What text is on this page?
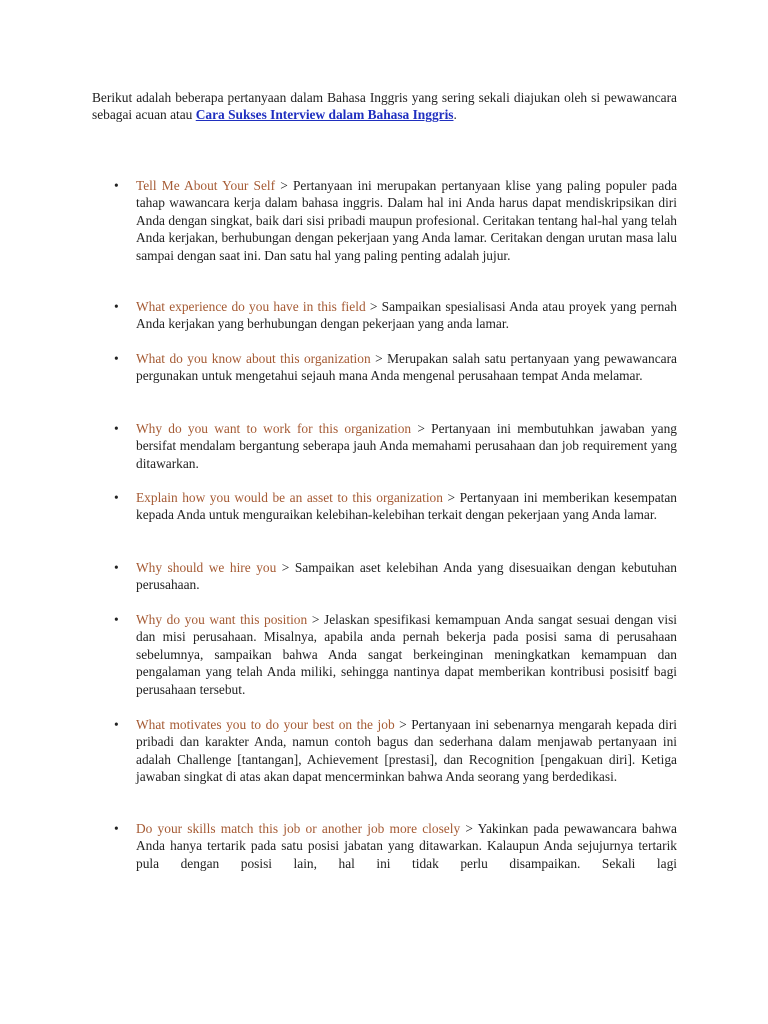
Berikut adalah beberapa pertanyaan dalam Bahasa Inggris yang sering sekali diajukan oleh si pewawancara sebagai acuan atau Cara Sukses Interview dalam Bahasa Inggris.

• Tell Me About Your Self > Pertanyaan ini merupakan pertanyaan klise yang paling populer pada tahap wawancara kerja dalam bahasa inggris. Dalam hal ini Anda harus dapat mendiskripsikan diri Anda dengan singkat, baik dari sisi pribadi maupun profesional. Ceritakan tentang hal-hal yang telah Anda kerjakan, berhubungan dengan pekerjaan yang Anda lamar. Ceritakan dengan urutan masa lalu sampai dengan saat ini. Dan satu hal yang paling penting adalah jujur.
• What experience do you have in this field > Sampaikan spesialisasi Anda atau proyek yang pernah Anda kerjakan yang berhubungan dengan pekerjaan yang anda lamar.
• What do you know about this organization > Merupakan salah satu pertanyaan yang pewawancara pergunakan untuk mengetahui sejauh mana Anda mengenal perusahaan tempat Anda melamar.
• Why do you want to work for this organization > Pertanyaan ini membutuhkan jawaban yang bersifat mendalam bergantung seberapa jauh Anda memahami perusahaan dan job requirement yang ditawarkan.
• Explain how you would be an asset to this organization > Pertanyaan ini memberikan kesempatan kepada Anda untuk menguraikan kelebihan-kelebihan terkait dengan pekerjaan yang Anda lamar.
• Why should we hire you > Sampaikan aset kelebihan Anda yang disesuaikan dengan kebutuhan perusahaan.
• Why do you want this position > Jelaskan spesifikasi kemampuan Anda sangat sesuai dengan visi dan misi perusahaan. Misalnya, apabila anda pernah bekerja pada posisi sama di perusahaan sebelumnya, sampaikan bahwa Anda sangat berkeinginan meningkatkan kemampuan dan pengalaman yang telah Anda miliki, sehingga nantinya dapat memberikan kontribusi posisitf bagi perusahaan tersebut.
• What motivates you to do your best on the job > Pertanyaan ini sebenarnya mengarah kepada diri pribadi dan karakter Anda, namun contoh bagus dan sederhana dalam menjawab pertanyaan ini adalah Challenge [tantangan], Achievement [prestasi], dan Recognition [pengakuan diri]. Ketiga jawaban singkat di atas akan dapat mencerminkan bahwa Anda seorang yang berdedikasi.
• Do your skills match this job or another job more closely > Yakinkan pada pewawancara bahwa Anda hanya tertarik pada satu posisi jabatan yang ditawarkan. Kalaupun Anda sejujurnya tertarik pula dengan posisi lain, hal ini tidak perlu disampaikan. Sekali lagi
